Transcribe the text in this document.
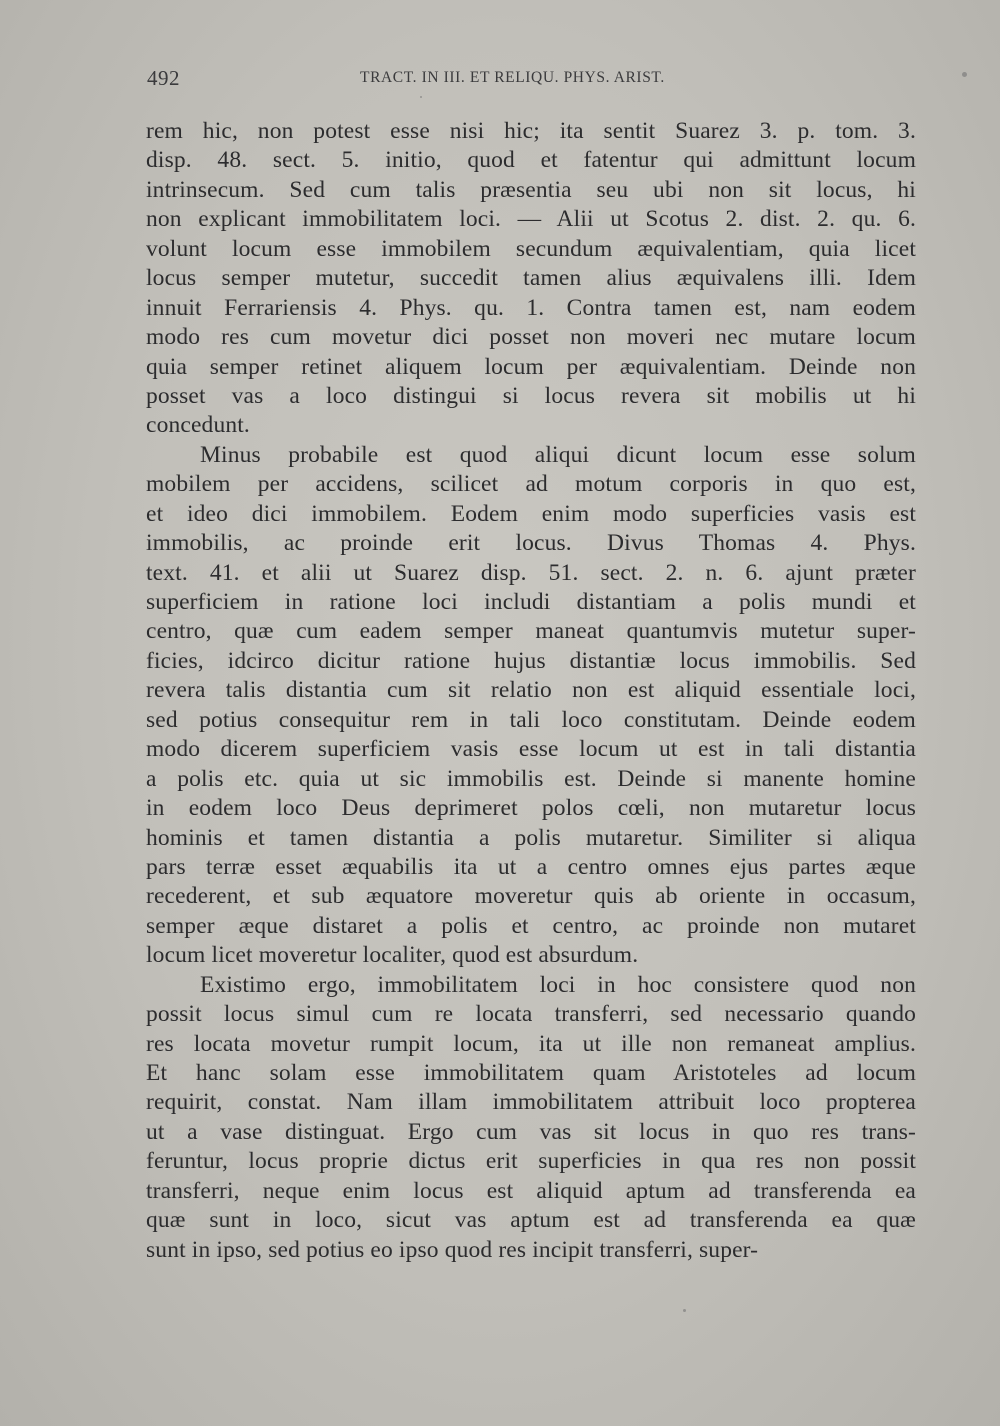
492	TRACT. IN III. ET RELIQU. PHYS. ARIST.
rem hic, non potest esse nisi hic; ita sentit Suarez 3. p. tom. 3.
disp. 48. sect. 5. initio, quod et fatentur qui admittunt locum
intrinsecum. Sed cum talis præsentia seu ubi non sit locus, hi
non explicant immobilitatem loci. — Alii ut Scotus 2. dist. 2. qu. 6.
volunt locum esse immobilem secundum æquivalentiam, quia licet
locus semper mutetur, succedit tamen alius æquivalens illi. Idem
innuit Ferrariensis 4. Phys. qu. 1. Contra tamen est, nam eodem
modo res cum movetur dici posset non moveri nec mutare locum
quia semper retinet aliquem locum per æquivalentiam. Deinde non
posset vas a loco distingui si locus revera sit mobilis ut hi
concedunt.
Minus probabile est quod aliqui dicunt locum esse solum
mobilem per accidens, scilicet ad motum corporis in quo est,
et ideo dici immobilem. Eodem enim modo superficies vasis est
immobilis, ac proinde erit locus. Divus Thomas 4. Phys.
text. 41. et alii ut Suarez disp. 51. sect. 2. n. 6. ajunt præter
superficiem in ratione loci includi distantiam a polis mundi et
centro, quæ cum eadem semper maneat quantumvis mutetur super-
ficies, idcirco dicitur ratione hujus distantiæ locus immobilis. Sed
revera talis distantia cum sit relatio non est aliquid essentiale loci,
sed potius consequitur rem in tali loco constitutam. Deinde eodem
modo dicerem superficiem vasis esse locum ut est in tali distantia
a polis etc. quia ut sic immobilis est. Deinde si manente homine
in eodem loco Deus deprimeret polos cœli, non mutaretur locus
hominis et tamen distantia a polis mutaretur. Similiter si aliqua
pars terræ esset æquabilis ita ut a centro omnes ejus partes æque
recederent, et sub æquatore moveretur quis ab oriente in occasum,
semper æque distaret a polis et centro, ac proinde non mutaret
locum licet moveretur localiter, quod est absurdum.
Existimo ergo, immobilitatem loci in hoc consistere quod non
possit locus simul cum re locata transferri, sed necessario quando
res locata movetur rumpit locum, ita ut ille non remaneat amplius.
Et hanc solam esse immobilitatem quam Aristoteles ad locum
requirit, constat. Nam illam immobilitatem attribuit loco propterea
ut a vase distinguat. Ergo cum vas sit locus in quo res trans-
feruntur, locus proprie dictus erit superficies in qua res non possit
transferri, neque enim locus est aliquid aptum ad transferenda ea
quæ sunt in loco, sicut vas aptum est ad transferenda ea quæ
sunt in ipso, sed potius eo ipso quod res incipit transferri, super-
